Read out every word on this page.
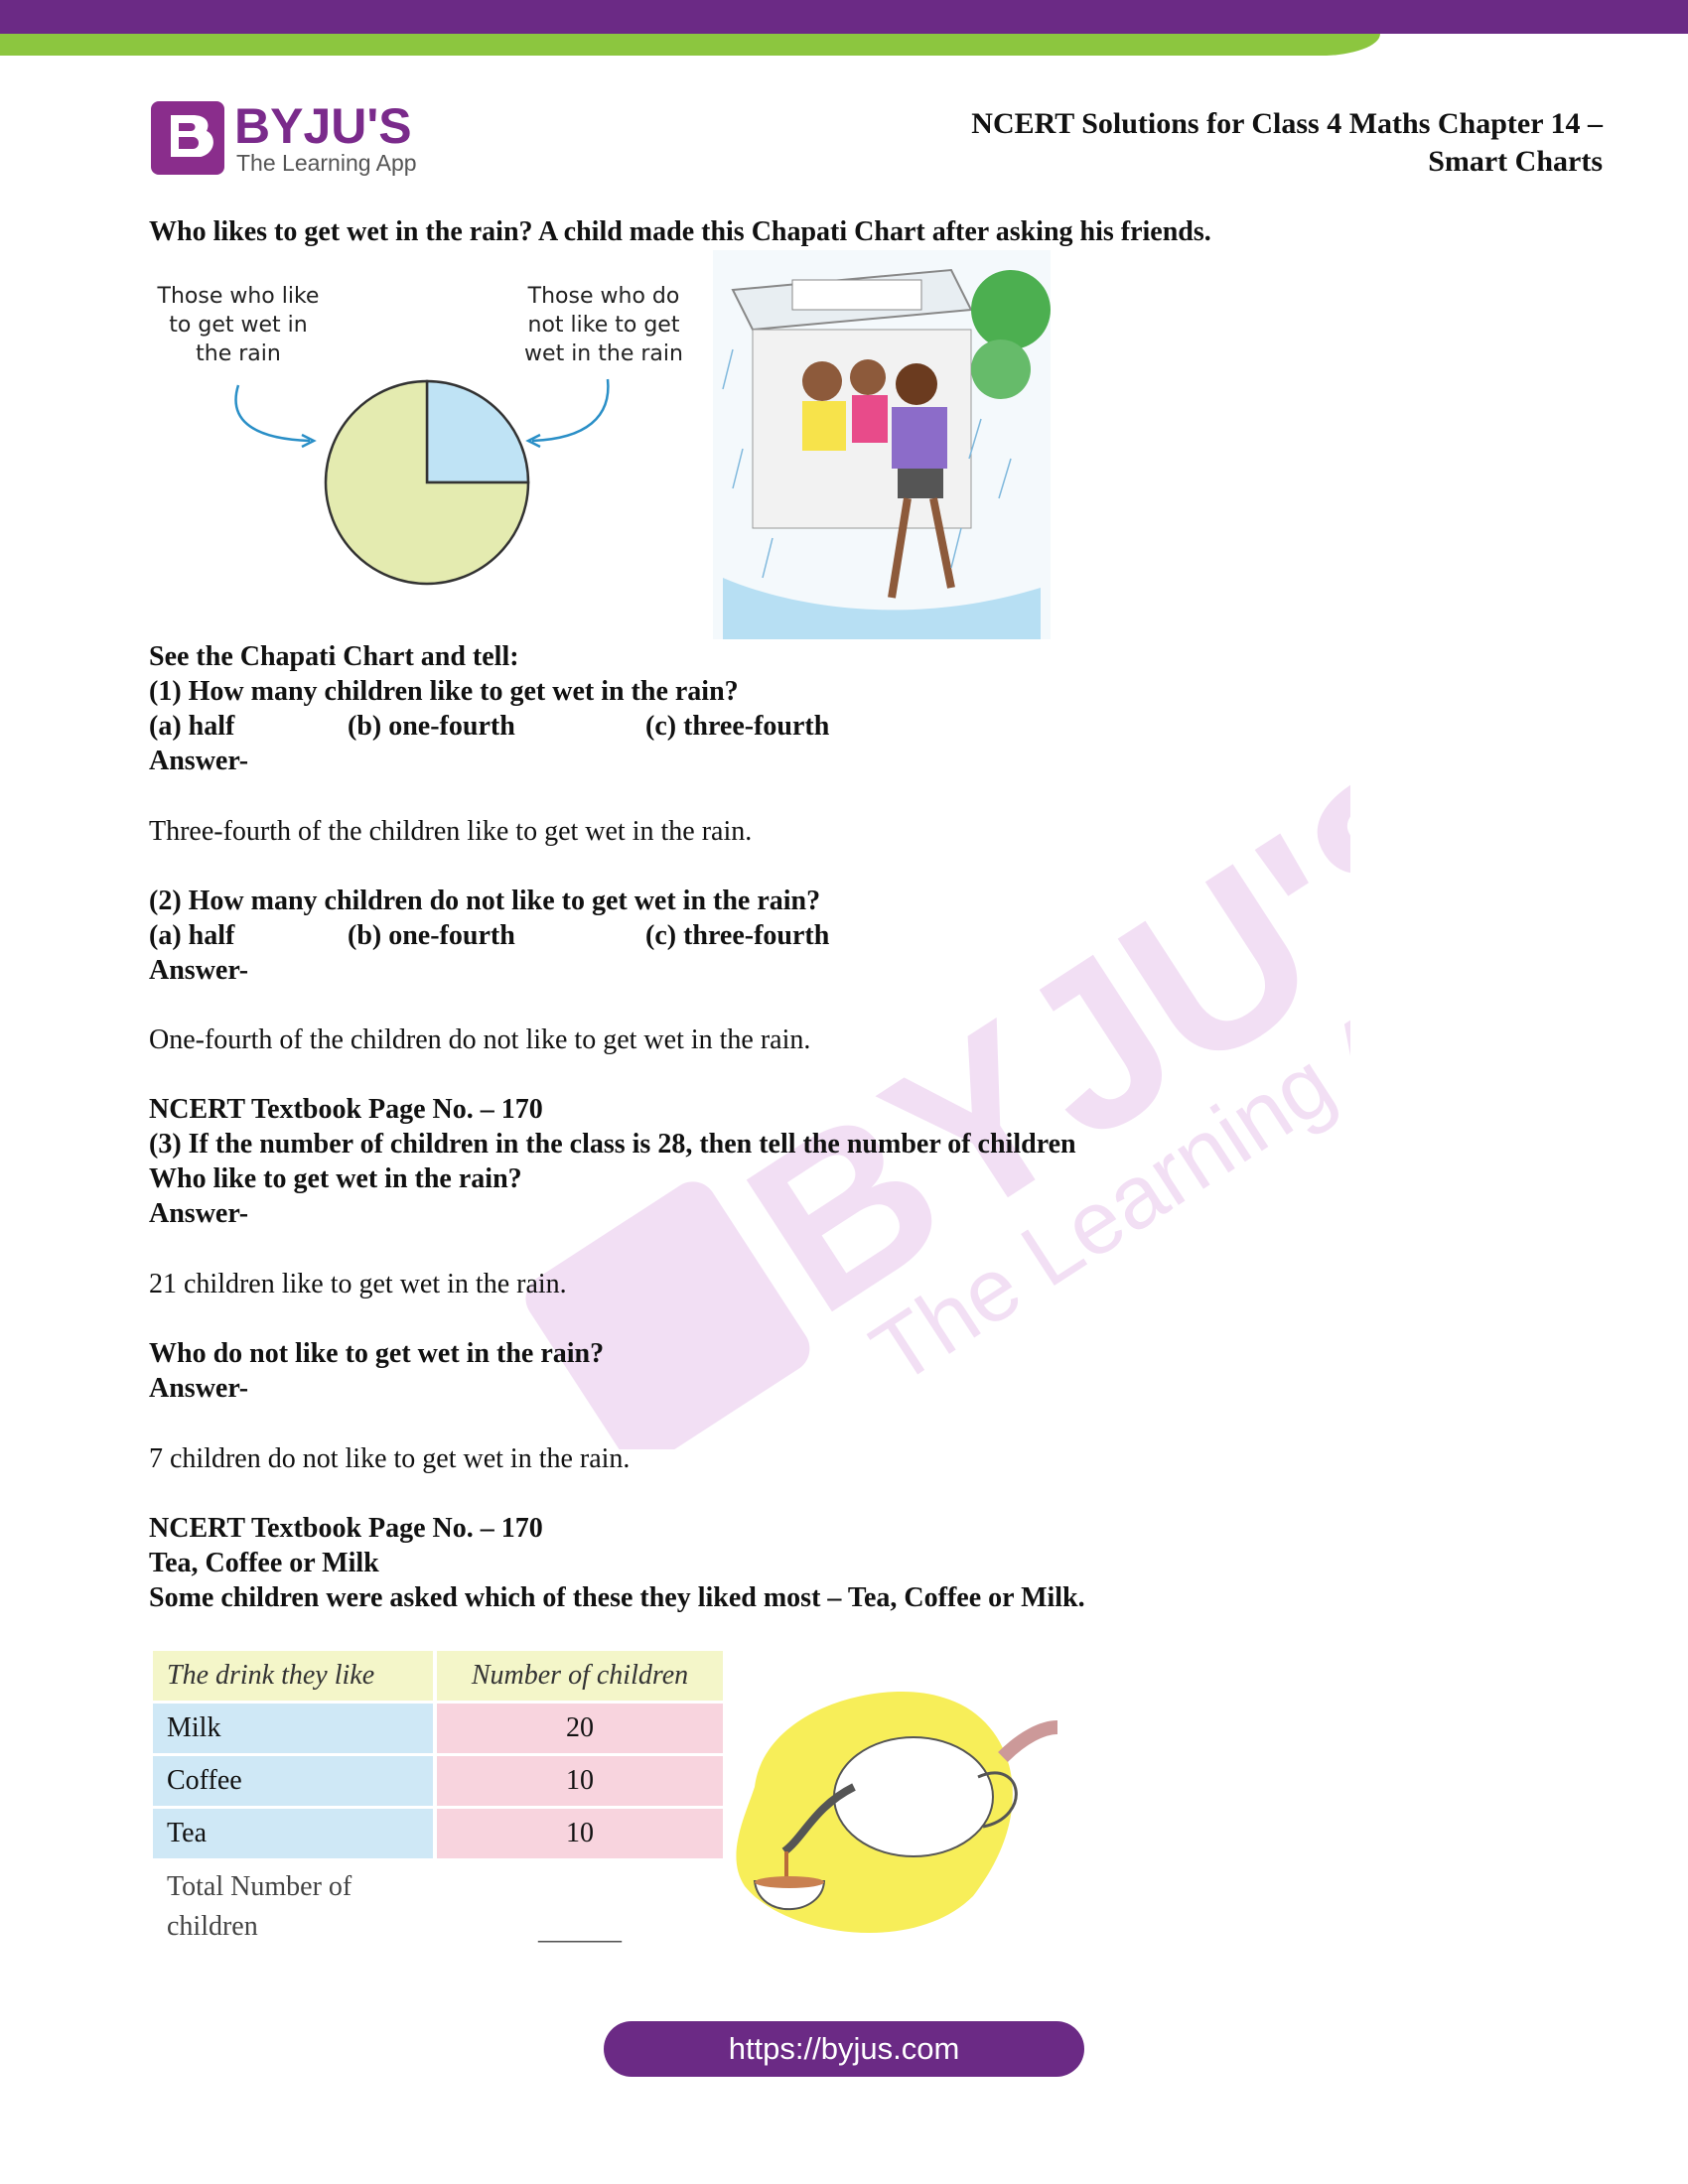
BYJU'S
The Learning App
NCERT Solutions for Class 4 Maths Chapter 14 –
Smart Charts
BYJU'S
The Learning App
Who likes to get wet in the rain? A child made this Chapati Chart after asking his friends.
Those who like
to get wet in
the rain
Those who do
not like to get
wet in the rain
See the Chapati Chart and tell:
(1) How many children like to get wet in the rain?
(a) half	(b) one-fourth	(c) three-fourth
Answer-
Three-fourth of the children like to get wet in the rain.
(2) How many children do not like to get wet in the rain?
(a) half	(b) one-fourth	(c) three-fourth
Answer-
One-fourth of the children do not like to get wet in the rain.
NCERT Textbook Page No. – 170
(3) If the number of children in the class is 28, then tell the number of children
Who like to get wet in the rain?
Answer-
21 children like to get wet in the rain.
Who do not like to get wet in the rain?
Answer-
7 children do not like to get wet in the rain.
NCERT Textbook Page No. – 170
Tea, Coffee or Milk
Some children were asked which of these they liked most – Tea, Coffee or Milk.
The drink they like	Number of children
Milk	20
Coffee	10
Tea	10

Total Number of
children	______
https://byjus.com
